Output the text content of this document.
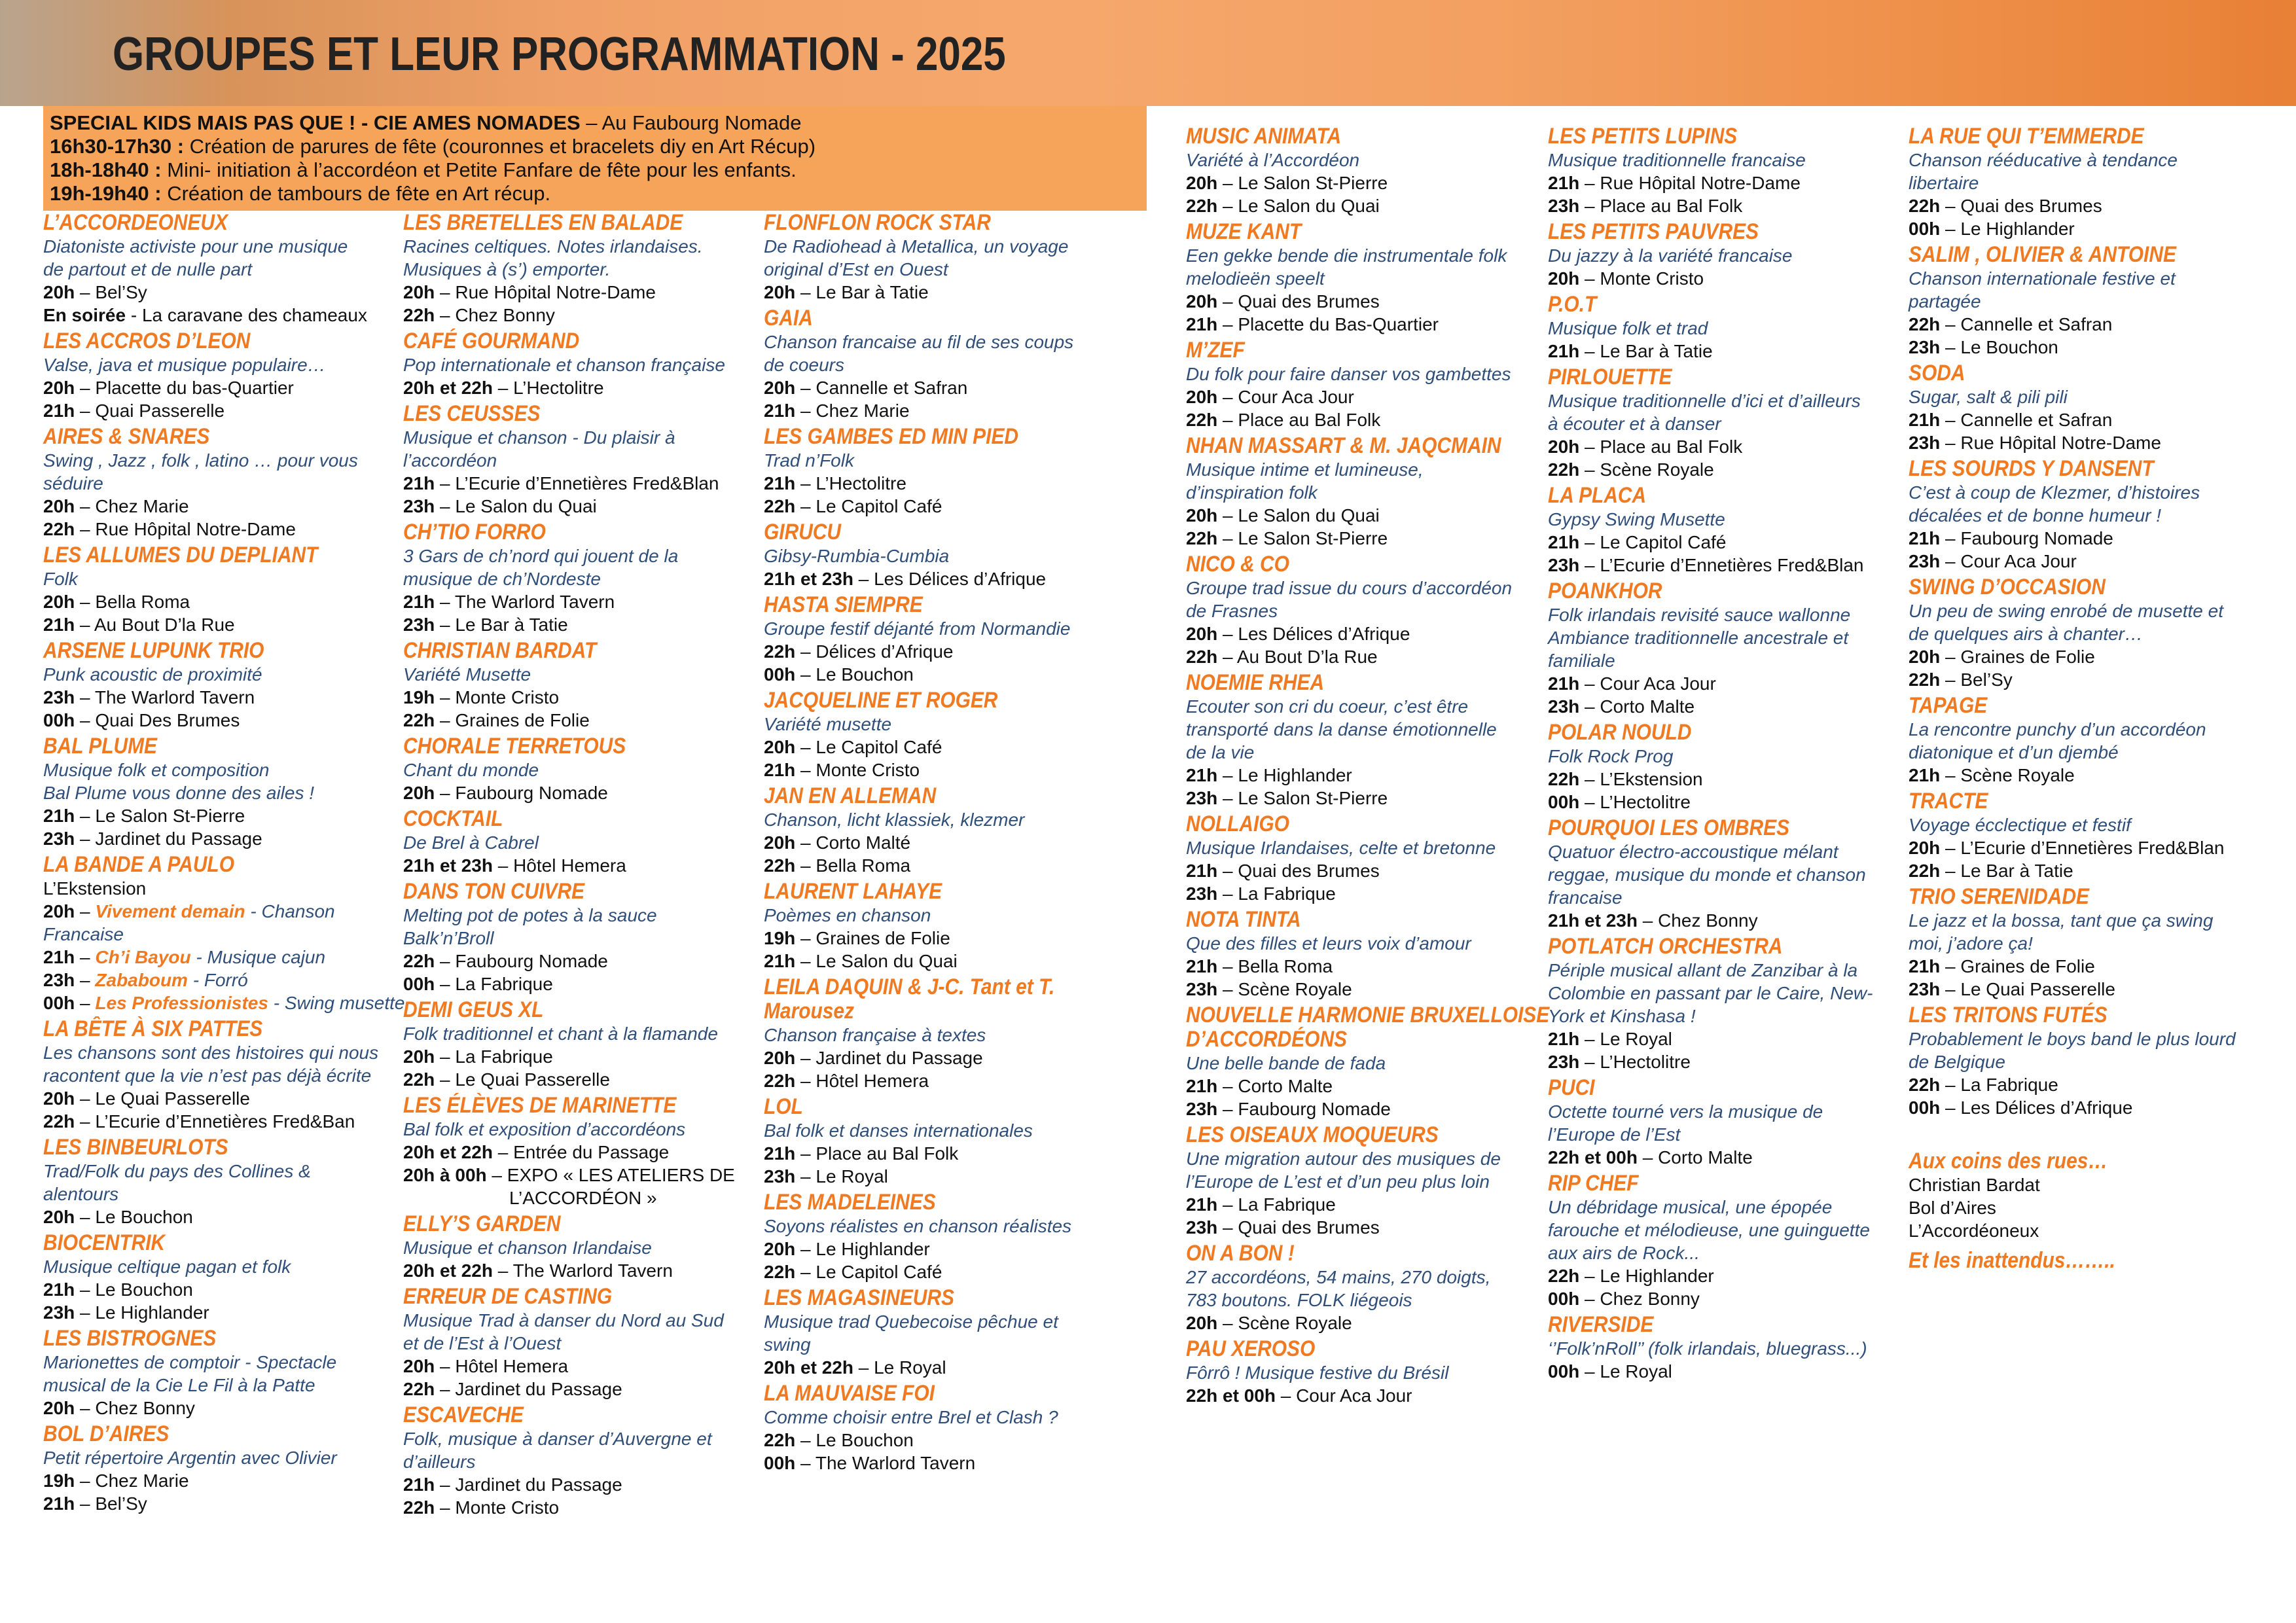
GROUPES ET LEUR PROGRAMMATION - 2025
SPECIAL KIDS MAIS PAS QUE ! - CIE AMES NOMADES – Au Faubourg Nomade
16h30-17h30 : Création de parures de fête (couronnes et bracelets diy en Art Récup)
18h-18h40 : Mini- initiation à l’accordéon et Petite Fanfare de fête pour les enfants.
19h-19h40 : Création de tambours de fête en Art récup.
L’ACCORDEONEUX
Diatoniste activiste pour une musique
de partout et de nulle part
20h – Bel’Sy
En soirée - La caravane des chameaux
LES ACCROS D’LEON
Valse, java et musique populaire…
20h – Placette du bas-Quartier
21h – Quai Passerelle
AIRES & SNARES
Swing , Jazz , folk , latino … pour vous
séduire
20h – Chez Marie
22h – Rue Hôpital Notre-Dame
LES ALLUMES DU DEPLIANT
Folk
20h – Bella Roma
21h – Au Bout D’la Rue
ARSENE LUPUNK TRIO
Punk acoustic de proximité
23h – The Warlord Tavern
00h – Quai Des Brumes
BAL PLUME
Musique folk et composition
Bal Plume vous donne des ailes !
21h – Le Salon St-Pierre
23h – Jardinet du Passage
LA BANDE A PAULO
L’Ekstension
20h – Vivement demain - Chanson
Francaise
21h – Ch’i Bayou - Musique cajun
23h – Zababoum - Forró
00h – Les Professionistes - Swing musette
LA BÊTE À SIX PATTES
Les chansons sont des histoires qui nous
racontent que la vie n’est pas déjà écrite
20h – Le Quai Passerelle
22h – L’Ecurie d’Ennetières Fred&Ban
LES BINBEURLOTS
Trad/Folk du pays des Collines &
alentours
20h – Le Bouchon
BIOCENTRIK
Musique celtique pagan et folk
21h – Le Bouchon
23h – Le Highlander
LES BISTROGNES
Marionettes de comptoir - Spectacle
musical de la Cie Le Fil à la Patte
20h – Chez Bonny
BOL D’AIRES
Petit répertoire Argentin avec Olivier
19h – Chez Marie
21h – Bel’Sy
LES BRETELLES EN BALADE
Racines celtiques. Notes irlandaises.
Musiques à (s’) emporter.
20h – Rue Hôpital Notre-Dame
22h – Chez Bonny
CAFÉ GOURMAND
Pop internationale et chanson française
20h et 22h – L’Hectolitre
LES CEUSSES
Musique et chanson - Du plaisir à
l’accordéon
21h – L’Ecurie d’Ennetières Fred&Blan
23h – Le Salon du Quai
CH’TIO FORRO
3 Gars de ch’nord qui jouent de la
musique de ch’Nordeste
21h – The Warlord Tavern
23h – Le Bar à Tatie
CHRISTIAN BARDAT
Variété Musette
19h – Monte Cristo
22h – Graines de Folie
CHORALE TERRETOUS
Chant du monde
20h – Faubourg Nomade
COCKTAIL
De Brel à Cabrel
21h et 23h – Hôtel Hemera
DANS TON CUIVRE
Melting pot de potes à la sauce
Balk’n’Broll
22h – Faubourg Nomade
00h – La Fabrique
DEMI GEUS XL
Folk traditionnel et chant à la flamande
20h – La Fabrique
22h – Le Quai Passerelle
LES ÉLÈVES DE MARINETTE
Bal folk et exposition d’accordéons
20h et 22h – Entrée du Passage
20h à 00h – EXPO « LES ATELIERS DE
L’ACCORDÉON »
ELLY’S GARDEN
Musique et chanson Irlandaise
20h et 22h – The Warlord Tavern
ERREUR DE CASTING
Musique Trad à danser du Nord au Sud
et de l’Est à l’Ouest
20h – Hôtel Hemera
22h – Jardinet du Passage
ESCAVECHE
Folk, musique à danser d’Auvergne et
d’ailleurs
21h – Jardinet du Passage
22h – Monte Cristo
FLONFLON ROCK STAR
De Radiohead à Metallica, un voyage
original d’Est en Ouest
20h – Le Bar à Tatie
GAIA
Chanson francaise au fil de ses coups
de coeurs
20h – Cannelle et Safran
21h – Chez Marie
LES GAMBES ED MIN PIED
Trad n’Folk
21h – L’Hectolitre
22h – Le Capitol Café
GIRUCU
Gibsy-Rumbia-Cumbia
21h et 23h – Les Délices d’Afrique
HASTA SIEMPRE
Groupe festif déjanté from Normandie
22h – Délices d’Afrique
00h – Le Bouchon
JACQUELINE ET ROGER
Variété musette
20h – Le Capitol Café
21h – Monte Cristo
JAN EN ALLEMAN
Chanson, licht klassiek, klezmer
20h – Corto Malté
22h – Bella Roma
LAURENT LAHAYE
Poèmes en chanson
19h – Graines de Folie
21h – Le Salon du Quai
LEILA DAQUIN & J-C. Tant et T. Marousez
Chanson française à textes
20h – Jardinet du Passage
22h – Hôtel Hemera
LOL
Bal folk et danses internationales
21h – Place au Bal Folk
23h – Le Royal
LES MADELEINES
Soyons réalistes en chanson réalistes
20h – Le Highlander
22h – Le Capitol Café
LES MAGASINEURS
Musique trad Quebecoise pêchue et
swing
20h et 22h – Le Royal
LA MAUVAISE FOI
Comme choisir entre Brel et Clash ?
22h – Le Bouchon
00h – The Warlord Tavern
MUSIC ANIMATA
Variété à l’Accordéon
20h – Le Salon St-Pierre
22h – Le Salon du Quai
MUZE KANT
Een gekke bende die instrumentale folk
melodieën speelt
20h – Quai des Brumes
21h – Placette du Bas-Quartier
M’ZEF
Du folk pour faire danser vos gambettes
20h – Cour Aca Jour
22h – Place au Bal Folk
NHAN MASSART & M. JAQCMAIN
Musique intime et lumineuse,
d’inspiration folk
20h – Le Salon du Quai
22h – Le Salon St-Pierre
NICO & CO
Groupe trad issue du cours d’accordéon
de Frasnes
20h – Les Délices d’Afrique
22h – Au Bout D’la Rue
NOEMIE RHEA
Ecouter son cri du coeur, c’est être
transporté dans la danse émotionnelle
de la vie
21h – Le Highlander
23h – Le Salon St-Pierre
NOLLAIGO
Musique Irlandaises, celte et bretonne
21h – Quai des Brumes
23h – La Fabrique
NOTA TINTA
Que des filles et leurs voix d’amour
21h – Bella Roma
23h – Scène Royale
NOUVELLE HARMONIE BRUXELLOISE
D’ACCORDÉONS
Une belle bande de fada
21h – Corto Malte
23h – Faubourg Nomade
LES OISEAUX MOQUEURS
Une migration autour des musiques de
l’Europe de L’est et d’un peu plus loin
21h – La Fabrique
23h – Quai des Brumes
ON A BON !
27 accordéons, 54 mains, 270 doigts,
783 boutons. FOLK liégeois
20h – Scène Royale
PAU XEROSO
Fôrrô ! Musique festive du Brésil
22h et 00h – Cour Aca Jour
LES PETITS LUPINS
Musique traditionnelle francaise
21h – Rue Hôpital Notre-Dame
23h – Place au Bal Folk
LES PETITS PAUVRES
Du jazzy à la variété francaise
20h – Monte Cristo
P.O.T
Musique folk et trad
21h – Le Bar à Tatie
PIRLOUETTE
Musique traditionnelle d’ici et d’ailleurs
à écouter et à danser
20h – Place au Bal Folk
22h – Scène Royale
LA PLACA
Gypsy Swing Musette
21h – Le Capitol Café
23h – L’Ecurie d’Ennetières Fred&Blan
POANKHOR
Folk irlandais revisité sauce wallonne
Ambiance traditionnelle ancestrale et
familiale
21h – Cour Aca Jour
23h – Corto Malte
POLAR NOULD
Folk Rock Prog
22h – L’Ekstension
00h – L’Hectolitre
POURQUOI LES OMBRES
Quatuor électro-accoustique mélant
reggae, musique du monde et chanson
francaise
21h et 23h – Chez Bonny
POTLATCH ORCHESTRA
Périple musical allant de Zanzibar à la
Colombie en passant par le Caire, New-
York et Kinshasa !
21h – Le Royal
23h – L’Hectolitre
PUCI
Octette tourné vers la musique de
l’Europe de l’Est
22h et 00h – Corto Malte
RIP CHEF
Un débridage musical, une épopée
farouche et mélodieuse, une guinguette
aux airs de Rock...
22h – Le Highlander
00h – Chez Bonny
RIVERSIDE
‘’Folk’nRoll’’ (folk irlandais, bluegrass...)
00h – Le Royal
LA RUE QUI T’EMMERDE
Chanson rééducative à tendance
libertaire
22h – Quai des Brumes
00h – Le Highlander
SALIM , OLIVIER & ANTOINE
Chanson internationale festive et
partagée
22h – Cannelle et Safran
23h – Le Bouchon
SODA
Sugar, salt & pili pili
21h – Cannelle et Safran
23h – Rue Hôpital Notre-Dame
LES SOURDS Y DANSENT
C’est à coup de Klezmer, d’histoires
décalées et de bonne humeur !
21h – Faubourg Nomade
23h – Cour Aca Jour
SWING D’OCCASION
Un peu de swing enrobé de musette et
de quelques airs à chanter…
20h – Graines de Folie
22h – Bel’Sy
TAPAGE
La rencontre punchy d’un accordéon
diatonique et d’un djembé
21h – Scène Royale
TRACTE
Voyage écclectique et festif
20h – L’Ecurie d’Ennetières Fred&Blan
22h – Le Bar à Tatie
TRIO SERENIDADE
Le jazz et la bossa, tant que ça swing
moi, j’adore ça!
21h – Graines de Folie
23h – Le Quai Passerelle
LES TRITONS FUTÉS
Probablement le boys band le plus lourd
de Belgique
22h – La Fabrique
00h – Les Délices d’Afrique
Aux coins des rues…
Christian Bardat
Bol d’Aires
L’Accordéoneux
Et les inattendus……..
